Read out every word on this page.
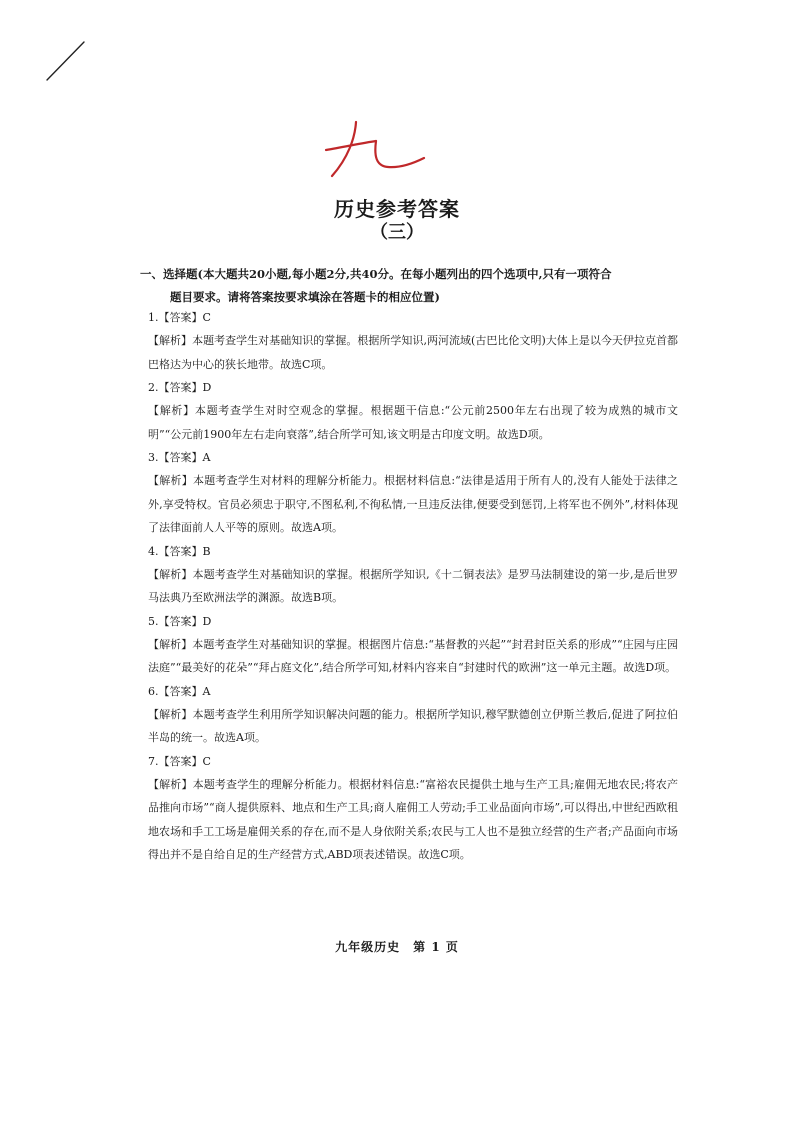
历史参考答案
（三）
一、选择题(本大题共20小题,每小题2分,共40分。在每小题列出的四个选项中,只有一项符合
题目要求。请将答案按要求填涂在答题卡的相应位置)

1.【答案】C

【解析】本题考查学生对基础知识的掌握。根据所学知识,两河流域(古巴比伦文明)大体上是以今天伊拉克首都巴格达为中心的狭长地带。故选C项。

2.【答案】D

【解析】本题考查学生对时空观念的掌握。根据题干信息:“公元前2500年左右出现了较为成熟的城市文明”“公元前1900年左右走向衰落”,结合所学可知,该文明是古印度文明。故选D项。

3.【答案】A

【解析】本题考查学生对材料的理解分析能力。根据材料信息:“法律是适用于所有人的,没有人能处于法律之外,享受特权。官员必须忠于职守,不图私利,不徇私情,一旦违反法律,便要受到惩罚,上将军也不例外”,材料体现了法律面前人人平等的原则。故选A项。

4.【答案】B

【解析】本题考查学生对基础知识的掌握。根据所学知识,《十二铜表法》是罗马法制建设的第一步,是后世罗马法典乃至欧洲法学的渊源。故选B项。

5.【答案】D

【解析】本题考查学生对基础知识的掌握。根据图片信息:“基督教的兴起”“封君封臣关系的形成”“庄园与庄园法庭”“最美好的花朵”“拜占庭文化”,结合所学可知,材料内容来自“封建时代的欧洲”这一单元主题。故选D项。

6.【答案】A

【解析】本题考查学生利用所学知识解决问题的能力。根据所学知识,穆罕默德创立伊斯兰教后,促进了阿拉伯半岛的统一。故选A项。

7.【答案】C

【解析】本题考查学生的理解分析能力。根据材料信息:“富裕农民提供土地与生产工具;雇佣无地农民;将农产品推向市场”“商人提供原料、地点和生产工具;商人雇佣工人劳动;手工业品面向市场”,可以得出,中世纪西欧租地农场和手工工场是雇佣关系的存在,而不是人身依附关系;农民与工人也不是独立经营的生产者;产品面向市场得出并不是自给自足的生产经营方式,ABD项表述错误。故选C项。

九年级历史　第 1 页
